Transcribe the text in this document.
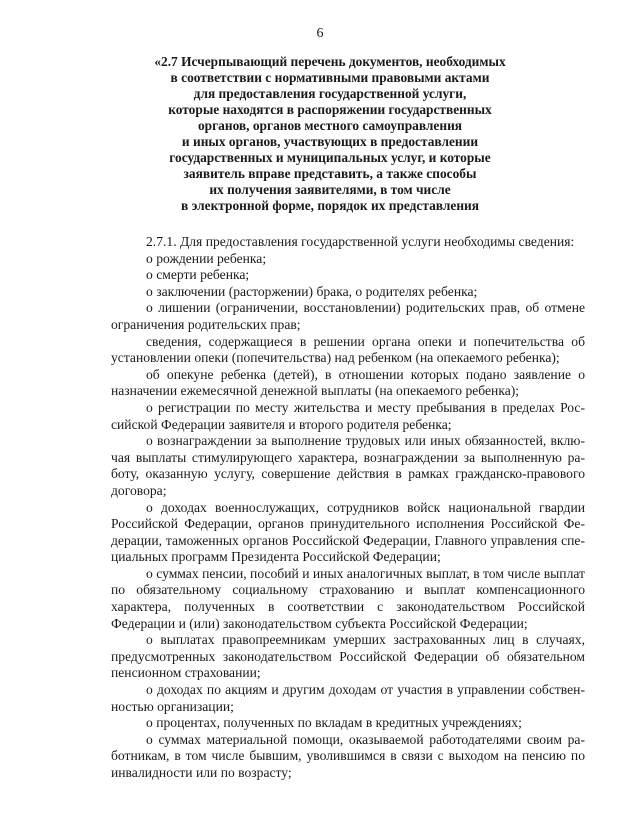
6
«2.7 Исчерпывающий перечень документов, необходимых
в соответствии с нормативными правовыми актами
для предоставления государственной услуги,
которые находятся в распоряжении государственных
органов, органов местного самоуправления
и иных органов, участвующих в предоставлении
государственных и муниципальных услуг, и которые
заявитель вправе представить, а также способы
их получения заявителями, в том числе
в электронной форме, порядок их представления

2.7.1. Для предоставления государственной услуги необходимы сведения:

о рождении ребенка;

о смерти ребенка;

о заключении (расторжении) брака, о родителях ребенка;

о лишении (ограничении, восстановлении) родительских прав, об отмене ограничения родительских прав;

сведения, содержащиеся в решении органа опеки и попечительства об установлении опеки (попечительства) над ребенком (на опекаемого ребенка);

об опекуне ребенка (детей), в отношении которых подано заявление о назначении ежемесячной денежной выплаты (на опекаемого ребенка);

о регистрации по месту жительства и месту пребывания в пределах Российской Федерации заявителя и второго родителя ребенка;

о вознаграждении за выполнение трудовых или иных обязанностей, включая выплаты стимулирующего характера, вознаграждении за выполненную работу, оказанную услугу, совершение действия в рамках гражданско-правового договора;

о доходах военнослужащих, сотрудников войск национальной гвардии Российской Федерации, органов принудительного исполнения Российской Федерации, таможенных органов Российской Федерации, Главного управления специальных программ Президента Российской Федерации;

о суммах пенсии, пособий и иных аналогичных выплат, в том числе выплат по обязательному социальному страхованию и выплат компенсационного характера, полученных в соответствии с законодательством Российской Федерации и (или) законодательством субъекта Российской Федерации;

о выплатах правопреемникам умерших застрахованных лиц в случаях, предусмотренных законодательством Российской Федерации об обязательном пенсионном страховании;

о доходах по акциям и другим доходам от участия в управлении собственностью организации;

о процентах, полученных по вкладам в кредитных учреждениях;

о суммах материальной помощи, оказываемой работодателями своим работникам, в том числе бывшим, уволившимся в связи с выходом на пенсию по инвалидности или по возрасту;
